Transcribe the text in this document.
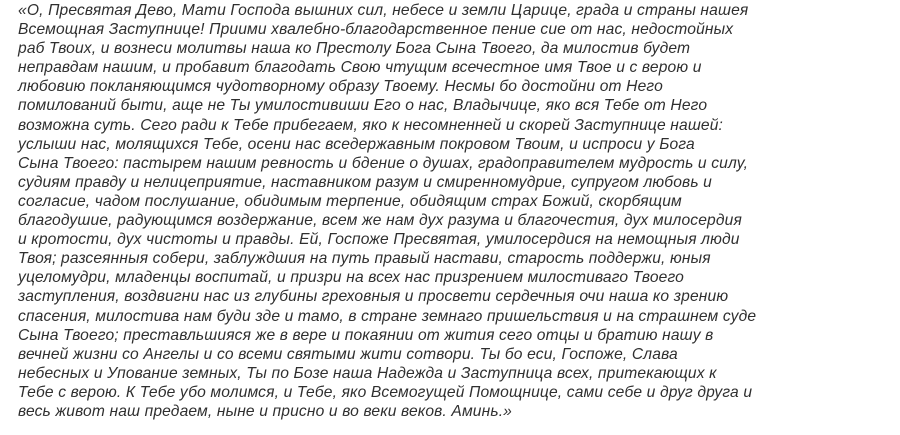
«О, Пресвятая Дево, Мати Господа вышних сил, небесе и земли Царице, града и страны нашея
Всемощная Заступнице! Приими хвалебно-благодарственное пение сие от нас, недостойных
раб Твоих, и вознеси молитвы наша ко Престолу Бога Сына Твоего, да милостив будет
неправдам нашим, и пробавит благодать Свою чтущим всечестное имя Твое и с верою и
любовию покланяющимся чудотворному образу Твоему. Несмы бо достойни от Него
помилований быти, аще не Ты умилостивиши Его о нас, Владычице, яко вся Тебе от Него
возможна суть. Сего ради к Тебе прибегаем, яко к несомненней и скорей Заступнице нашей:
услыши нас, молящихся Тебе, осени нас вседержавным покровом Твоим, и испроси у Бога
Сына Твоего: пастырем нашим ревность и бдение о душах, градоправителем мудрость и силу,
судиям правду и нелицеприятие, наставником разум и смиренномудрие, супругом любовь и
согласие, чадом послушание, обидимым терпение, обидящим страх Божий, скорбящим
благодушие, радующимся воздержание, всем же нам дух разума и благочестия, дух милосердия
и кротости, дух чистоты и правды. Ей, Госпоже Пресвятая, умилосердися на немощныя люди
Твоя; разсеянныя собери, заблуждшия на путь правый настави, старость поддержи, юныя
уцеломудри, младенцы воспитай, и призри на всех нас призрением милостиваго Твоего
заступления, воздвигни нас из глубины греховныя и просвети сердечныя очи наша ко зрению
спасения, милостива нам буди зде и тамо, в стране земнаго пришельствия и на страшнем суде
Сына Твоего; преставльшияся же в вере и покаянии от жития сего отцы и братию нашу в
вечней жизни со Ангелы и со всеми святыми жити сотвори. Ты бо еси, Госпоже, Слава
небесных и Упование земных, Ты по Бозе наша Надежда и Заступница всех, притекающих к
Тебе с верою. К Тебе убо молимся, и Тебе, яко Всемогущей Помощнице, сами себе и друг друга и
весь живот наш предаем, ныне и присно и во веки веков. Аминь.»
